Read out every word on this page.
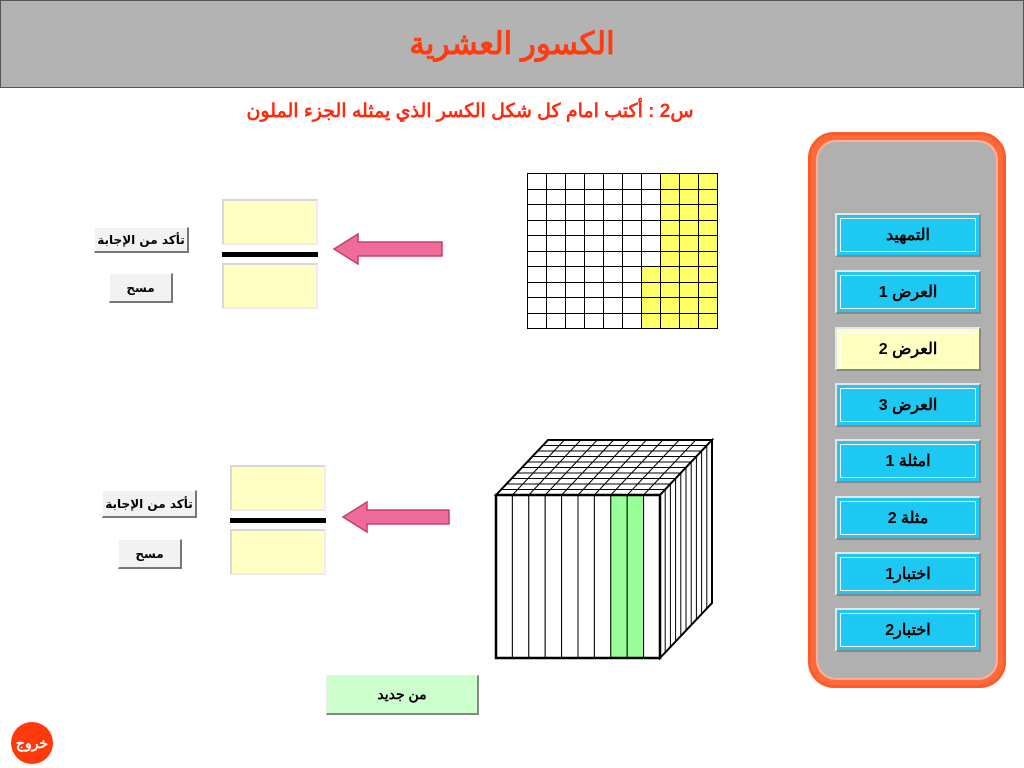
الكسور العشرية
س2 : أكتب امام كل شكل الكسر الذي يمثله الجزء الملون
تأكد من الإجابة
مسح
تأكد من الإجابة
مسح
التمهيد
العرض 1
العرض 2
العرض 3
امثلة 1
مثلة 2
اختبار1
اختبار2
من جديد
خروج
